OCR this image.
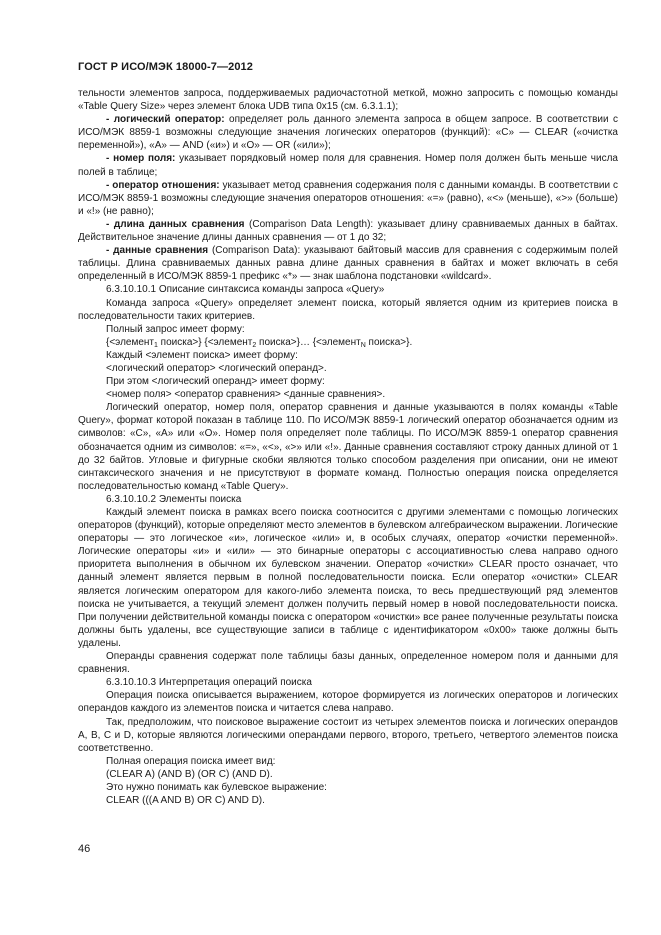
ГОСТ Р ИСО/МЭК 18000-7—2012

тельности элементов запроса, поддерживаемых радиочастотной меткой, можно запросить с помощью команды «Table Query Size» через элемент блока UDB типа 0x15 (см. 6.3.1.1);

- логический оператор: определяет роль данного элемента запроса в общем запросе. В соответствии с ИСО/МЭК 8859-1 возможны следующие значения логических операторов (функций): «С» — CLEAR («очистка переменной»), «А» — AND («и») и «О» — OR («или»);

- номер поля: указывает порядковый номер поля для сравнения. Номер поля должен быть меньше числа полей в таблице;

- оператор отношения: указывает метод сравнения содержания поля с данными команды. В соответствии с ИСО/МЭК 8859-1 возможны следующие значения операторов отношения: «=» (равно), «<» (меньше), «>» (больше) и «!» (не равно);

- длина данных сравнения (Comparison Data Length): указывает длину сравниваемых данных в байтах. Действительное значение длины данных сравнения — от 1 до 32;

- данные сравнения (Comparison Data): указывают байтовый массив для сравнения с содержимым полей таблицы. Длина сравниваемых данных равна длине данных сравнения в байтах и может включать в себя определенный в ИСО/МЭК 8859-1 префикс «*» — знак шаблона подстановки «wildcard».

6.3.10.10.1 Описание синтаксиса команды запроса «Query»

Команда запроса «Query» определяет элемент поиска, который является одним из критериев поиска в последовательности таких критериев.

Полный запрос имеет форму:

{<элемент$_1$ поиска>} {<элемент$_2$ поиска>}… {<элемент$_N$ поиска>}.

Каждый <элемент поиска> имеет форму:

<логический оператор> <логический операнд>.

При этом <логический операнд> имеет форму:

<номер поля> <оператор сравнения> <данные сравнения>.

Логический оператор, номер поля, оператор сравнения и данные указываются в полях команды «Table Query», формат которой показан в таблице 110. По ИСО/МЭК 8859-1 логический оператор обозначается одним из символов: «С», «А» или «О». Номер поля определяет поле таблицы. По ИСО/МЭК 8859-1 оператор сравнения обозначается одним из символов: «=», «<», «>» или «!». Данные сравнения составляют строку данных длиной от 1 до 32 байтов. Угловые и фигурные скобки являются только способом разделения при описании, они не имеют синтаксического значения и не присутствуют в формате команд. Полностью операция поиска определяется последовательностью команд «Table Query».

6.3.10.10.2 Элементы поиска

Каждый элемент поиска в рамках всего поиска соотносится с другими элементами с помощью логических операторов (функций), которые определяют место элементов в булевском алгебраическом выражении. Логические операторы — это логическое «и», логическое «или» и, в особых случаях, оператор «очистки переменной». Логические операторы «и» и «или» — это бинарные операторы с ассоциативностью слева направо одного приоритета выполнения в обычном их булевском значении. Оператор «очистки» CLEAR просто означает, что данный элемент является первым в полной последовательности поиска. Если оператор «очистки» CLEAR является логическим оператором для какого-либо элемента поиска, то весь предшествующий ряд элементов поиска не учитывается, а текущий элемент должен получить первый номер в новой последовательности поиска. При получении действительной команды поиска с оператором «очистки» все ранее полученные результаты поиска должны быть удалены, все существующие записи в таблице с идентификатором «0x00» также должны быть удалены.

Операнды сравнения содержат поле таблицы базы данных, определенное номером поля и данными для сравнения.

6.3.10.10.3 Интерпретация операций поиска

Операция поиска описывается выражением, которое формируется из логических операторов и логических операндов каждого из элементов поиска и читается слева направо.

Так, предположим, что поисковое выражение состоит из четырех элементов поиска и логических операндов А, В, С и D, которые являются логическими операндами первого, второго, третьего, четвертого элементов поиска соответственно.

Полная операция поиска имеет вид:

(CLEAR A) (AND B) (OR C) (AND D).

Это нужно понимать как булевское выражение:

CLEAR (((A AND B) OR C) AND D).

46
